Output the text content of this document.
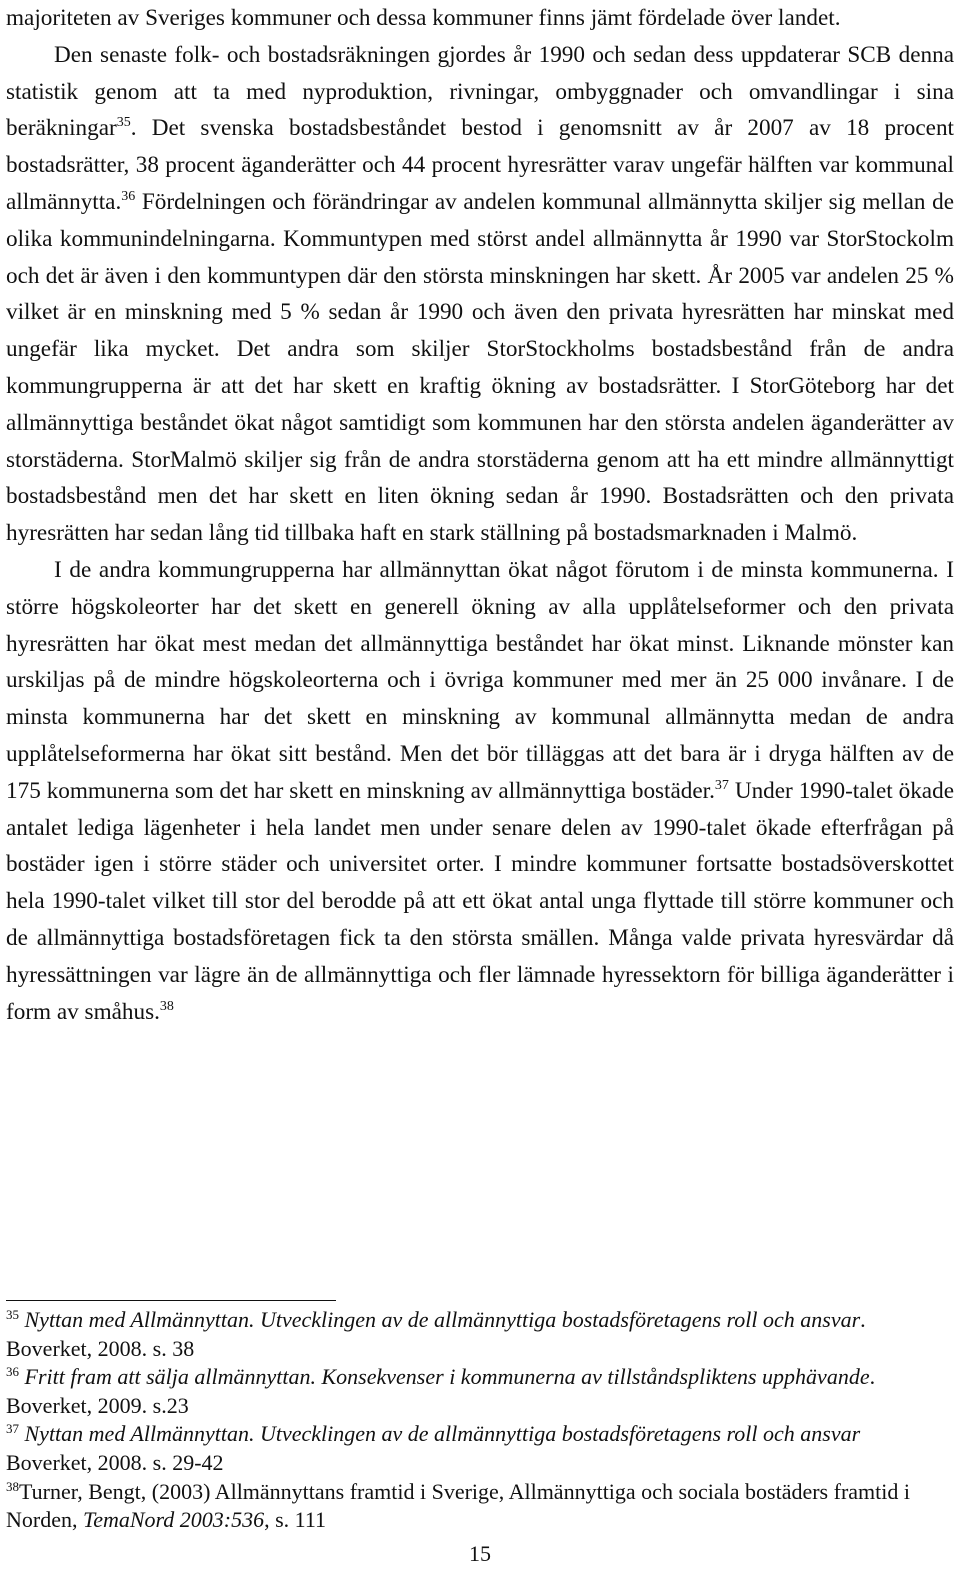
majoriteten av Sveriges kommuner och dessa kommuner finns jämt fördelade över landet.

Den senaste folk- och bostadsräkningen gjordes år 1990 och sedan dess uppdaterar SCB denna statistik genom att ta med nyproduktion, rivningar, ombyggnader och omvandlingar i sina beräkningar$^{35}$. Det svenska bostadsbeståndet bestod i genomsnitt av år 2007 av 18 procent bostadsrätter, 38 procent äganderätter och 44 procent hyresrätter varav ungefär hälften var kommunal allmännytta.$^{36}$ Fördelningen och förändringar av andelen kommunal allmännytta skiljer sig mellan de olika kommunindelningarna. Kommuntypen med störst andel allmännytta år 1990 var StorStockolm och det är även i den kommuntypen där den största minskningen har skett. År 2005 var andelen 25 % vilket är en minskning med 5 % sedan år 1990 och även den privata hyresrätten har minskat med ungefär lika mycket. Det andra som skiljer StorStockholms bostadsbestånd från de andra kommungrupperna är att det har skett en kraftig ökning av bostadsrätter. I StorGöteborg har det allmännyttiga beståndet ökat något samtidigt som kommunen har den största andelen äganderätter av storstäderna. StorMalmö skiljer sig från de andra storstäderna genom att ha ett mindre allmännyttigt bostadsbestånd men det har skett en liten ökning sedan år 1990. Bostadsrätten och den privata hyresrätten har sedan lång tid tillbaka haft en stark ställning på bostadsmarknaden i Malmö.

I de andra kommungrupperna har allmännyttan ökat något förutom i de minsta kommunerna. I större högskoleorter har det skett en generell ökning av alla upplåtelseformer och den privata hyresrätten har ökat mest medan det allmännyttiga beståndet har ökat minst. Liknande mönster kan urskiljas på de mindre högskoleorterna och i övriga kommuner med mer än 25 000 invånare. I de minsta kommunerna har det skett en minskning av kommunal allmännytta medan de andra upplåtelseformerna har ökat sitt bestånd. Men det bör tilläggas att det bara är i dryga hälften av de 175 kommunerna som det har skett en minskning av allmännyttiga bostäder.$^{37}$ Under 1990-talet ökade antalet lediga lägenheter i hela landet men under senare delen av 1990-talet ökade efterfrågan på bostäder igen i större städer och universitet orter. I mindre kommuner fortsatte bostadsöverskottet hela 1990-talet vilket till stor del berodde på att ett ökat antal unga flyttade till större kommuner och de allmännyttiga bostadsföretagen fick ta den största smällen. Många valde privata hyresvärdar då hyressättningen var lägre än de allmännyttiga och fler lämnade hyressektorn för billiga äganderätter i form av småhus.$^{38}$

$^{35}$ Nyttan med Allmännyttan. Utvecklingen av de allmännyttiga bostadsföretagens roll och ansvar. Boverket, 2008. s. 38

$^{36}$ Fritt fram att sälja allmännyttan. Konsekvenser i kommunerna av tillståndspliktens upphävande. Boverket, 2009. s.23

$^{37}$ Nyttan med Allmännyttan. Utvecklingen av de allmännyttiga bostadsföretagens roll och ansvar Boverket, 2008. s. 29-42

$^{38}$Turner, Bengt, (2003) Allmännyttans framtid i Sverige, Allmännyttiga och sociala bostäders framtid i Norden, TemaNord 2003:536, s. 111

15
